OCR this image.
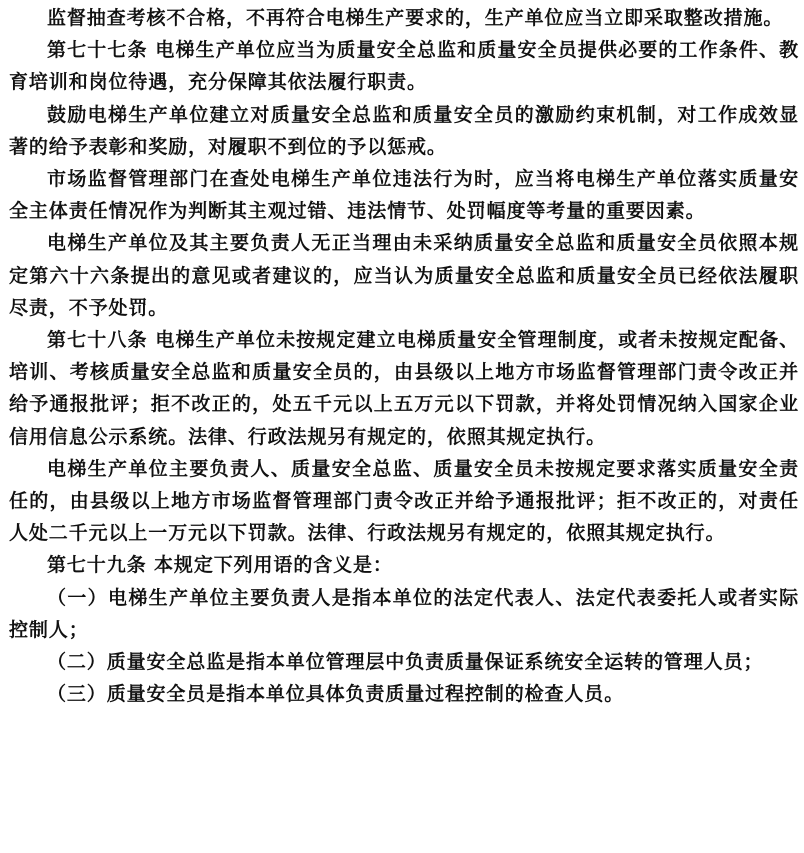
监督抽查考核不合格，不再符合电梯生产要求的，生产单位应当立即采取整改措施。

第七十七条 电梯生产单位应当为质量安全总监和质量安全员提供必要的工作条件、教育培训和岗位待遇，充分保障其依法履行职责。

鼓励电梯生产单位建立对质量安全总监和质量安全员的激励约束机制，对工作成效显著的给予表彰和奖励，对履职不到位的予以惩戒。

市场监督管理部门在查处电梯生产单位违法行为时，应当将电梯生产单位落实质量安全主体责任情况作为判断其主观过错、违法情节、处罚幅度等考量的重要因素。

电梯生产单位及其主要负责人无正当理由未采纳质量安全总监和质量安全员依照本规定第六十六条提出的意见或者建议的，应当认为质量安全总监和质量安全员已经依法履职尽责，不予处罚。

第七十八条 电梯生产单位未按规定建立电梯质量安全管理制度，或者未按规定配备、培训、考核质量安全总监和质量安全员的，由县级以上地方市场监督管理部门责令改正并给予通报批评；拒不改正的，处五千元以上五万元以下罚款，并将处罚情况纳入国家企业信用信息公示系统。法律、行政法规另有规定的，依照其规定执行。

电梯生产单位主要负责人、质量安全总监、质量安全员未按规定要求落实质量安全责任的，由县级以上地方市场监督管理部门责令改正并给予通报批评；拒不改正的，对责任人处二千元以上一万元以下罚款。法律、行政法规另有规定的，依照其规定执行。

第七十九条 本规定下列用语的含义是：

（一）电梯生产单位主要负责人是指本单位的法定代表人、法定代表委托人或者实际控制人；

（二）质量安全总监是指本单位管理层中负责质量保证系统安全运转的管理人员；

（三）质量安全员是指本单位具体负责质量过程控制的检查人员。
